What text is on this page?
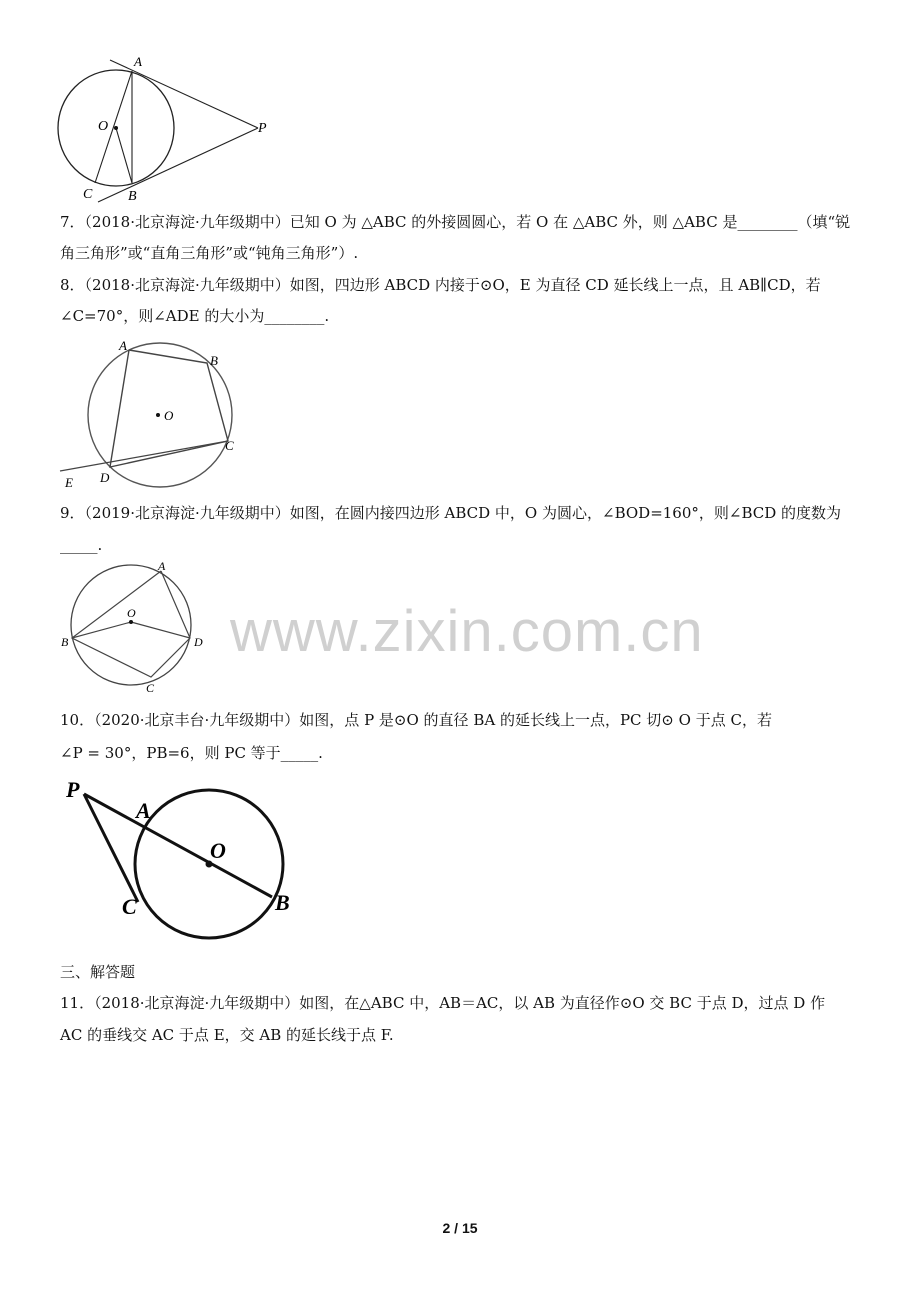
A
O	P
C	B
7．（2018·北京海淀·九年级期中）已知 O 为 △ABC 的外接圆圆心，若 O 在 △ABC 外，则 △ABC 是________（填“锐
角三角形”或“直角三角形”或“钝角三角形”）.
8．（2018·北京海淀·九年级期中）如图，四边形 ABCD 内接于⊙O，E 为直径 CD 延长线上一点，且 AB∥CD，若
∠C=70°，则∠ADE 的大小为________.
A
B
O
C
D
E
9．（2019·北京海淀·九年级期中）如图，在圆内接四边形 ABCD 中，O 为圆心，∠BOD=160°，则∠BCD 的度数为
_____.
A
O
B	D
C
www.zixin.com.cn
10．（2020·北京丰台·九年级期中）如图，点 P 是⊙O 的直径 BA 的延长线上一点，PC 切⊙ O 于点 C，若
∠P = 30°，PB=6，则 PC 等于_____.
P
A
O
C	B
三、解答题
11．（2018·北京海淀·九年级期中）如图，在△ABC 中，AB＝AC，以 AB 为直径作⊙O 交 BC 于点 D，过点 D 作
AC 的垂线交 AC 于点 E，交 AB 的延长线于点 F.
2 / 15
